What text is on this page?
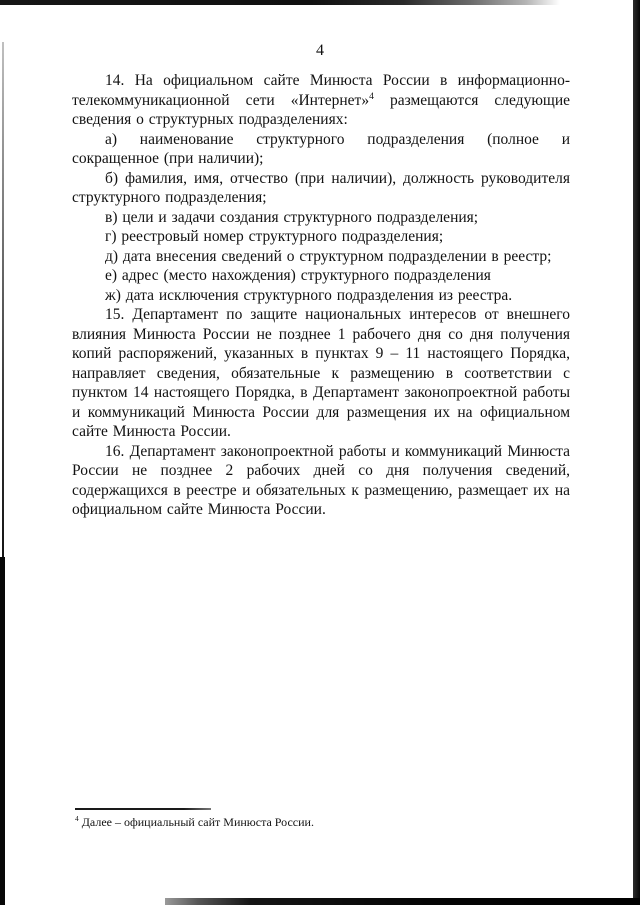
4

14. На официальном сайте Минюста России в информационно-телекоммуникационной сети «Интернет»$^4$ размещаются следующие сведения о структурных подразделениях:

а) наименование структурного подразделения (полное и сокращенное (при наличии);

б) фамилия, имя, отчество (при наличии), должность руководителя структурного подразделения;

в) цели и задачи создания структурного подразделения;

г) реестровый номер структурного подразделения;

д) дата внесения сведений о структурном подразделении в реестр;

е) адрес (место нахождения) структурного подразделения

ж) дата исключения структурного подразделения из реестра.

15. Департамент по защите национальных интересов от внешнего влияния Минюста России не позднее 1 рабочего дня со дня получения копий распоряжений, указанных в пунктах 9 – 11 настоящего Порядка, направляет сведения, обязательные к размещению в соответствии с пунктом 14 настоящего Порядка, в Департамент законопроектной работы и коммуникаций Минюста России для размещения их на официальном сайте Минюста России.

16. Департамент законопроектной работы и коммуникаций Минюста России не позднее 2 рабочих дней со дня получения сведений, содержащихся в реестре и обязательных к размещению, размещает их на официальном сайте Минюста России.

$^4$ Далее – официальный сайт Минюста России.
